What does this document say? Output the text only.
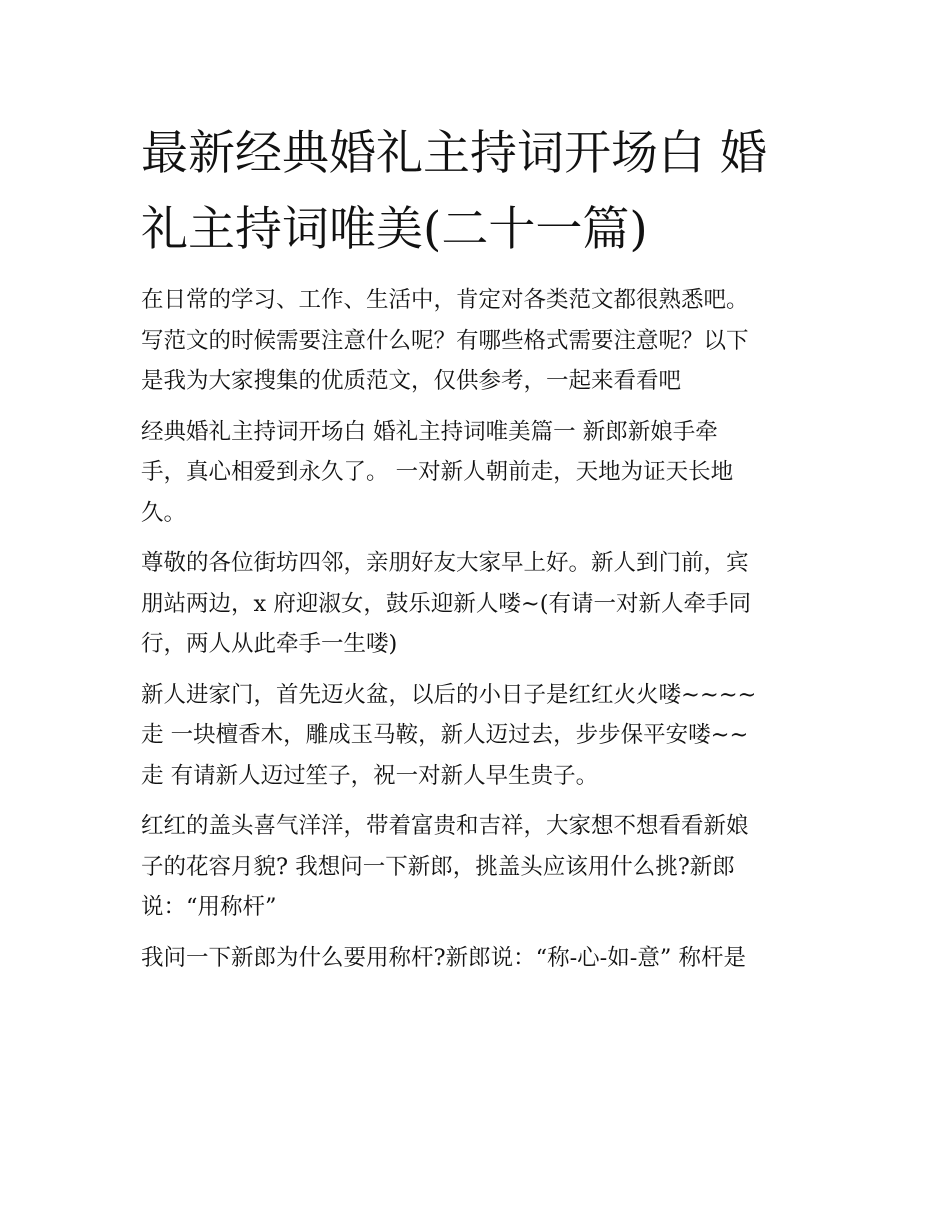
最新经典婚礼主持词开场白 婚
礼主持词唯美(二十一篇)
在日常的学习、工作、生活中，肯定对各类范文都很熟悉吧。
写范文的时候需要注意什么呢？有哪些格式需要注意呢？以下
是我为大家搜集的优质范文，仅供参考，一起来看看吧
经典婚礼主持词开场白 婚礼主持词唯美篇一 新郎新娘手牵
手，真心相爱到永久了。 一对新人朝前走，天地为证天长地
久。
尊敬的各位街坊四邻，亲朋好友大家早上好。新人到门前，宾
朋站两边，x 府迎淑女，鼓乐迎新人喽~(有请一对新人牵手同
行，两人从此牵手一生喽)
新人进家门，首先迈火盆，以后的小日子是红红火火喽~~~~
走 一块檀香木，雕成玉马鞍，新人迈过去，步步保平安喽~~
走 有请新人迈过笙子，祝一对新人早生贵子。
红红的盖头喜气洋洋，带着富贵和吉祥，大家想不想看看新娘
子的花容月貌? 我想问一下新郎，挑盖头应该用什么挑?新郎
说：“用称杆”
我问一下新郎为什么要用称杆?新郎说：“称-心-如-意” 称杆是
